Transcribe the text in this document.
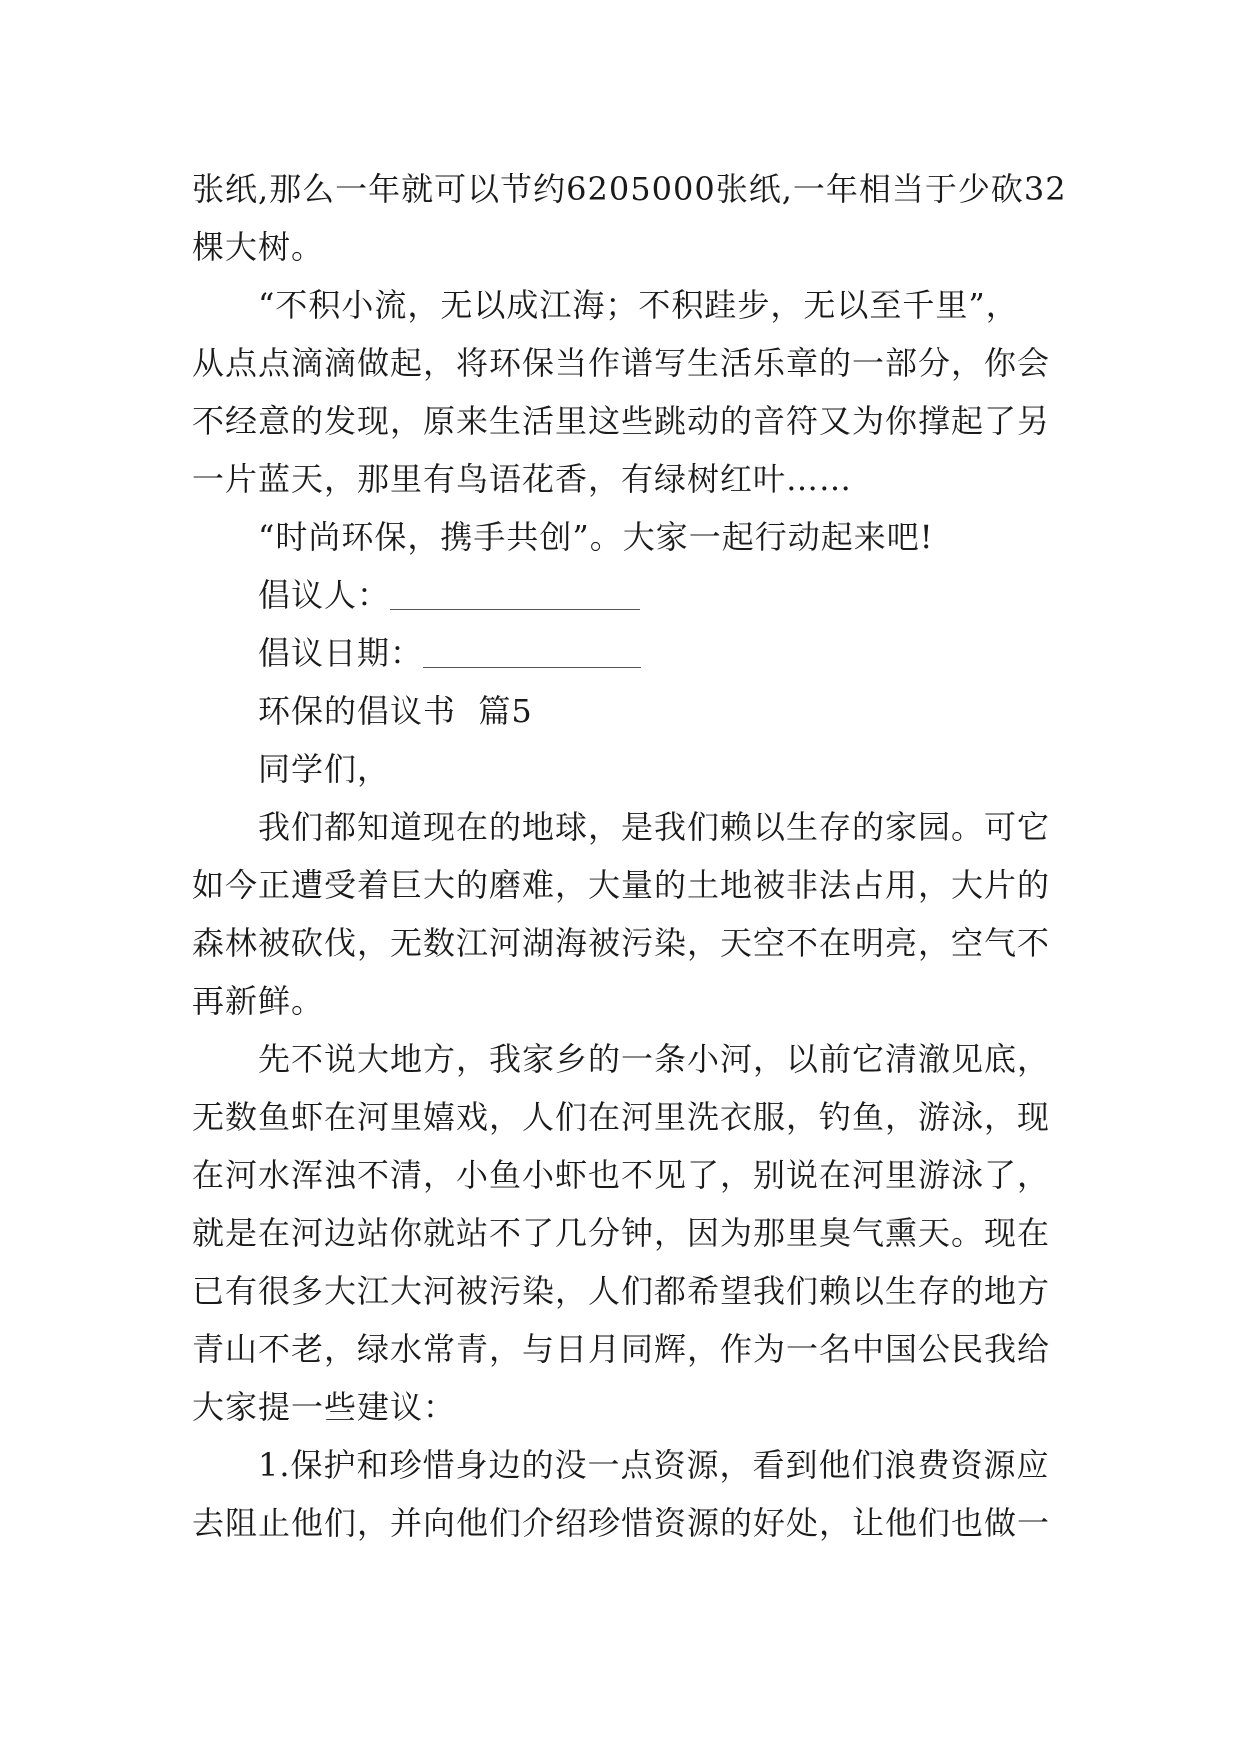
张纸,那么一年就可以节约6205000张纸,一年相当于少砍32
棵大树。
“不积小流，无以成江海；不积跬步，无以至千里”，
从点点滴滴做起，将环保当作谱写生活乐章的一部分，你会
不经意的发现，原来生活里这些跳动的音符又为你撑起了另
一片蓝天，那里有鸟语花香，有绿树红叶……
“时尚环保，携手共创”。大家一起行动起来吧!
倡议人：
倡议日期：
环保的倡议书  篇5
同学们，
我们都知道现在的地球，是我们赖以生存的家园。可它
如今正遭受着巨大的磨难，大量的土地被非法占用，大片的
森林被砍伐，无数江河湖海被污染，天空不在明亮，空气不
再新鲜。
先不说大地方，我家乡的一条小河，以前它清澈见底，
无数鱼虾在河里嬉戏，人们在河里洗衣服，钓鱼，游泳，现
在河水浑浊不清，小鱼小虾也不见了，别说在河里游泳了，
就是在河边站你就站不了几分钟，因为那里臭气熏天。现在
已有很多大江大河被污染，人们都希望我们赖以生存的地方
青山不老，绿水常青，与日月同辉，作为一名中国公民我给
大家提一些建议：
1.保护和珍惜身边的没一点资源，看到他们浪费资源应
去阻止他们，并向他们介绍珍惜资源的好处，让他们也做一
